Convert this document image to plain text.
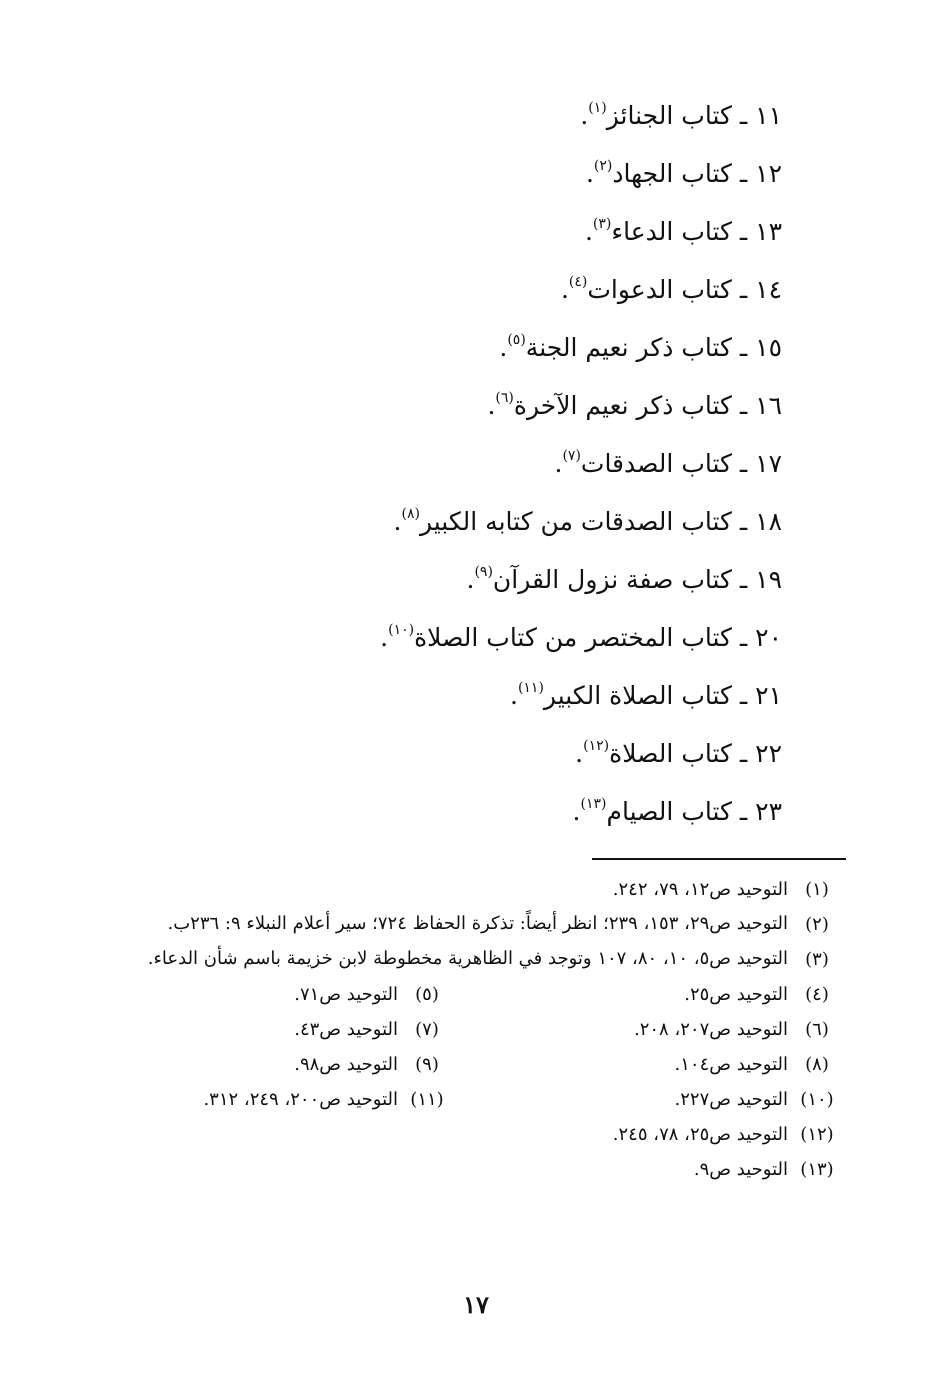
١١ ـ كتاب الجنائز$^{(١)}$.
١٢ ـ كتاب الجهاد$^{(٢)}$.
١٣ ـ كتاب الدعاء$^{(٣)}$.
١٤ ـ كتاب الدعوات$^{(٤)}$.
١٥ ـ كتاب ذكر نعيم الجنة$^{(٥)}$.
١٦ ـ كتاب ذكر نعيم الآخرة$^{(٦)}$.
١٧ ـ كتاب الصدقات$^{(٧)}$.
١٨ ـ كتاب الصدقات من كتابه الكبير$^{(٨)}$.
١٩ ـ كتاب صفة نزول القرآن$^{(٩)}$.
٢٠ ـ كتاب المختصر من كتاب الصلاة$^{(١٠)}$.
٢١ ـ كتاب الصلاة الكبير$^{(١١)}$.
٢٢ ـ كتاب الصلاة$^{(١٢)}$.
٢٣ ـ كتاب الصيام$^{(١٣)}$.
(١)
التوحيد ص١٢، ٧٩، ٢٤٢.
(٢)
التوحيد ص٢٩، ١٥٣، ٢٣٩؛ انظر أيضاً: تذكرة الحفاظ ٧٢٤؛ سير أعلام النبلاء ٩: ٢٣٦ب.
(٣)
التوحيد ص٥، ١٠، ٨٠، ١٠٧ وتوجد في الظاهرية مخطوطة لابن خزيمة باسم شأن الدعاء.
(٤)
التوحيد ص٢٥.
(٥)
التوحيد ص٧١.
(٦)
التوحيد ص٢٠٧، ٢٠٨.
(٧)
التوحيد ص٤٣.
(٨)
التوحيد ص١٠٤.
(٩)
التوحيد ص٩٨.
(١٠)
التوحيد ص٢٢٧.
(١١)
التوحيد ص٢٠٠، ٢٤٩، ٣١٢.
(١٢)
التوحيد ص٢٥، ٧٨، ٢٤٥.
(١٣)
التوحيد ص٩.
١٧
